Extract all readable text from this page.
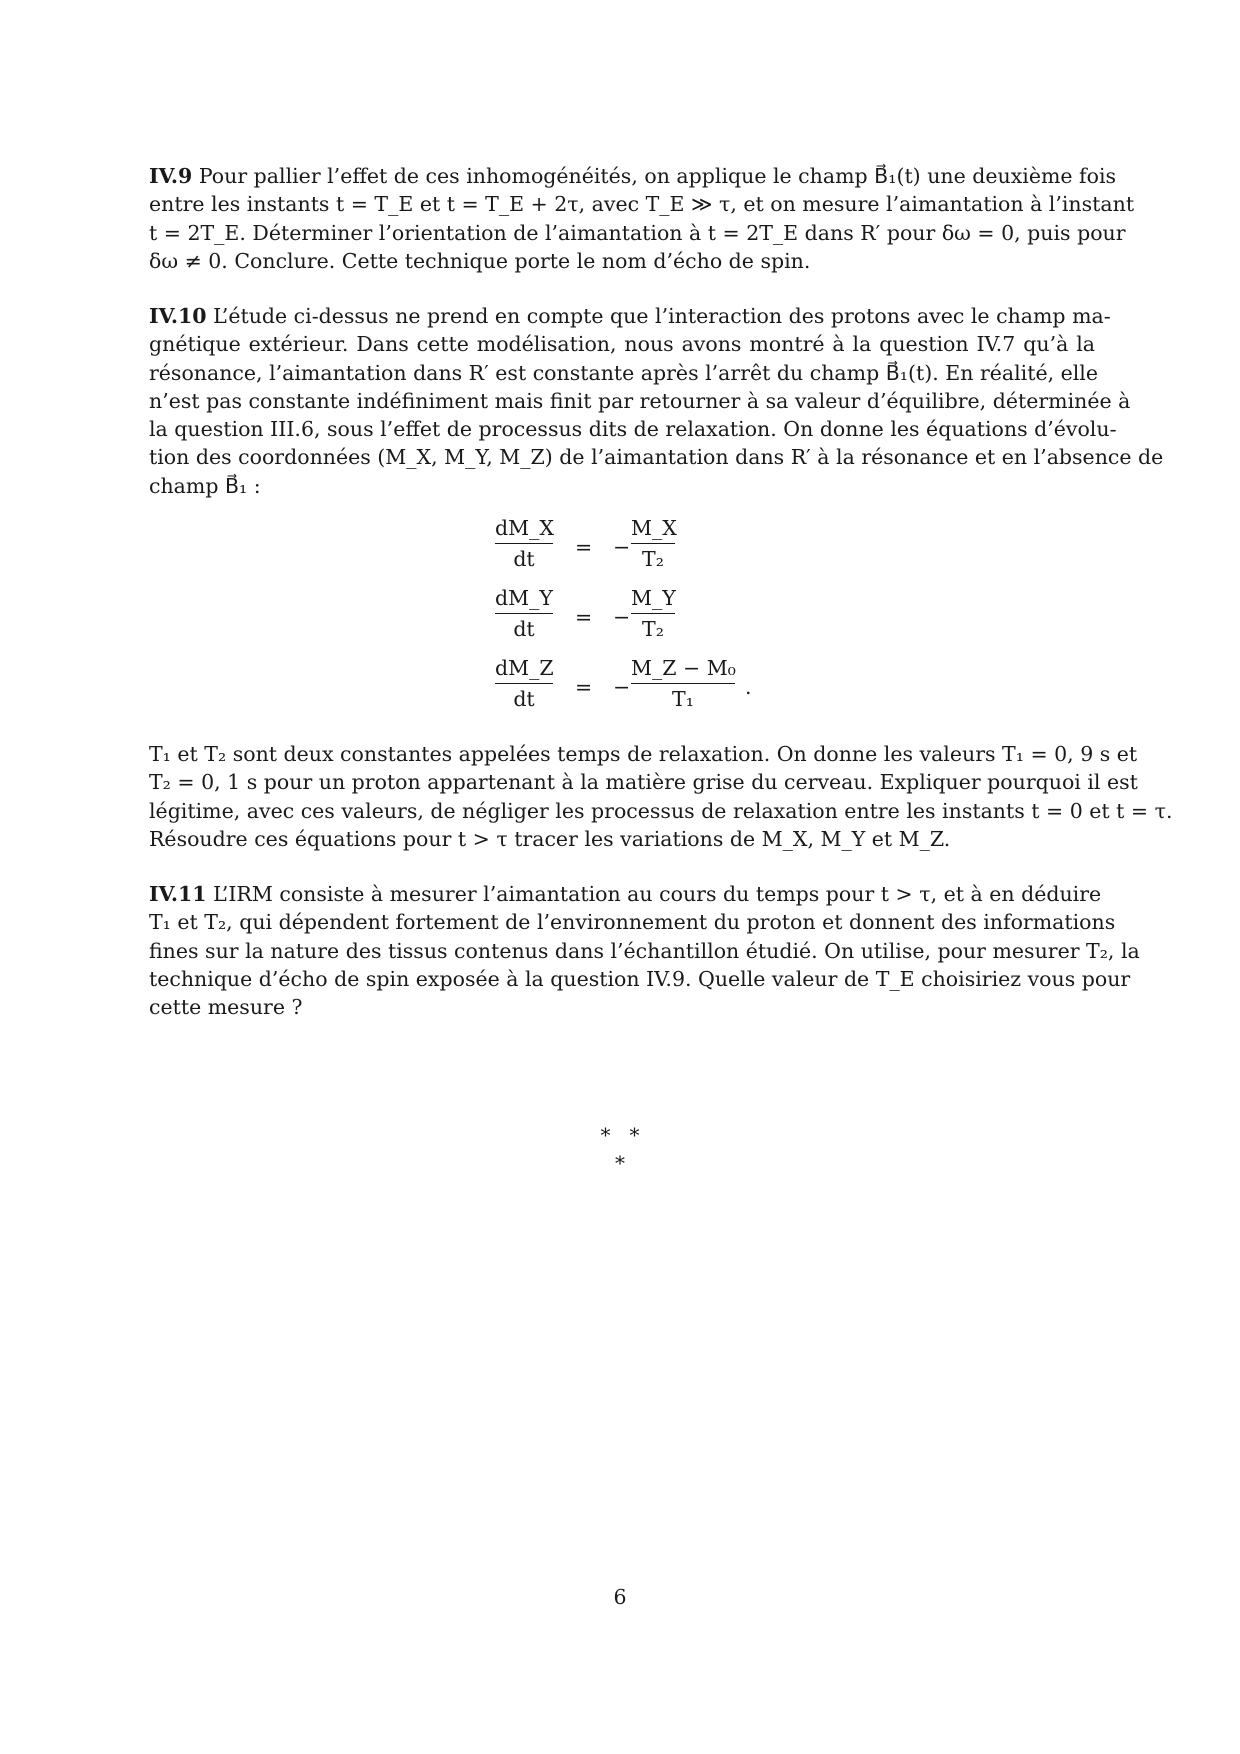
IV.9 Pour pallier l’effet de ces inhomogénéités, on applique le champ B⃗₁(t) une deuxième fois
entre les instants t = T_E et t = T_E + 2τ, avec T_E ≫ τ, et on mesure l’aimantation à l’instant
t = 2T_E. Déterminer l’orientation de l’aimantation à t = 2T_E dans R′ pour δω = 0, puis pour
δω ≠ 0. Conclure. Cette technique porte le nom d’écho de spin.
IV.10 L’étude ci-dessus ne prend en compte que l’interaction des protons avec le champ ma-
gnétique extérieur. Dans cette modélisation, nous avons montré à la question IV.7 qu’à la
résonance, l’aimantation dans R′ est constante après l’arrêt du champ B⃗₁(t). En réalité, elle
n’est pas constante indéfiniment mais finit par retourner à sa valeur d’équilibre, déterminée à
la question III.6, sous l’effet de processus dits de relaxation. On donne les équations d’évolu-
tion des coordonnées (M_X, M_Y, M_Z) de l’aimantation dans R′ à la résonance et en l’absence de
champ B⃗₁ :
dM_X
dt	= −
M_X
T₂
dM_Y
dt	= −
M_Y
T₂
dM_Z
dt	= −
M_Z − M₀
T₁	.
T₁ et T₂ sont deux constantes appelées temps de relaxation. On donne les valeurs T₁ = 0, 9 s et
T₂ = 0, 1 s pour un proton appartenant à la matière grise du cerveau. Expliquer pourquoi il est
légitime, avec ces valeurs, de négliger les processus de relaxation entre les instants t = 0 et t = τ.
Résoudre ces équations pour t > τ tracer les variations de M_X, M_Y et M_Z.
IV.11 L’IRM consiste à mesurer l’aimantation au cours du temps pour t > τ, et à en déduire
T₁ et T₂, qui dépendent fortement de l’environnement du proton et donnent des informations
fines sur la nature des tissus contenus dans l’échantillon étudié. On utilise, pour mesurer T₂, la
technique d’écho de spin exposée à la question IV.9. Quelle valeur de T_E choisiriez vous pour
cette mesure ?
*   *
*
6
